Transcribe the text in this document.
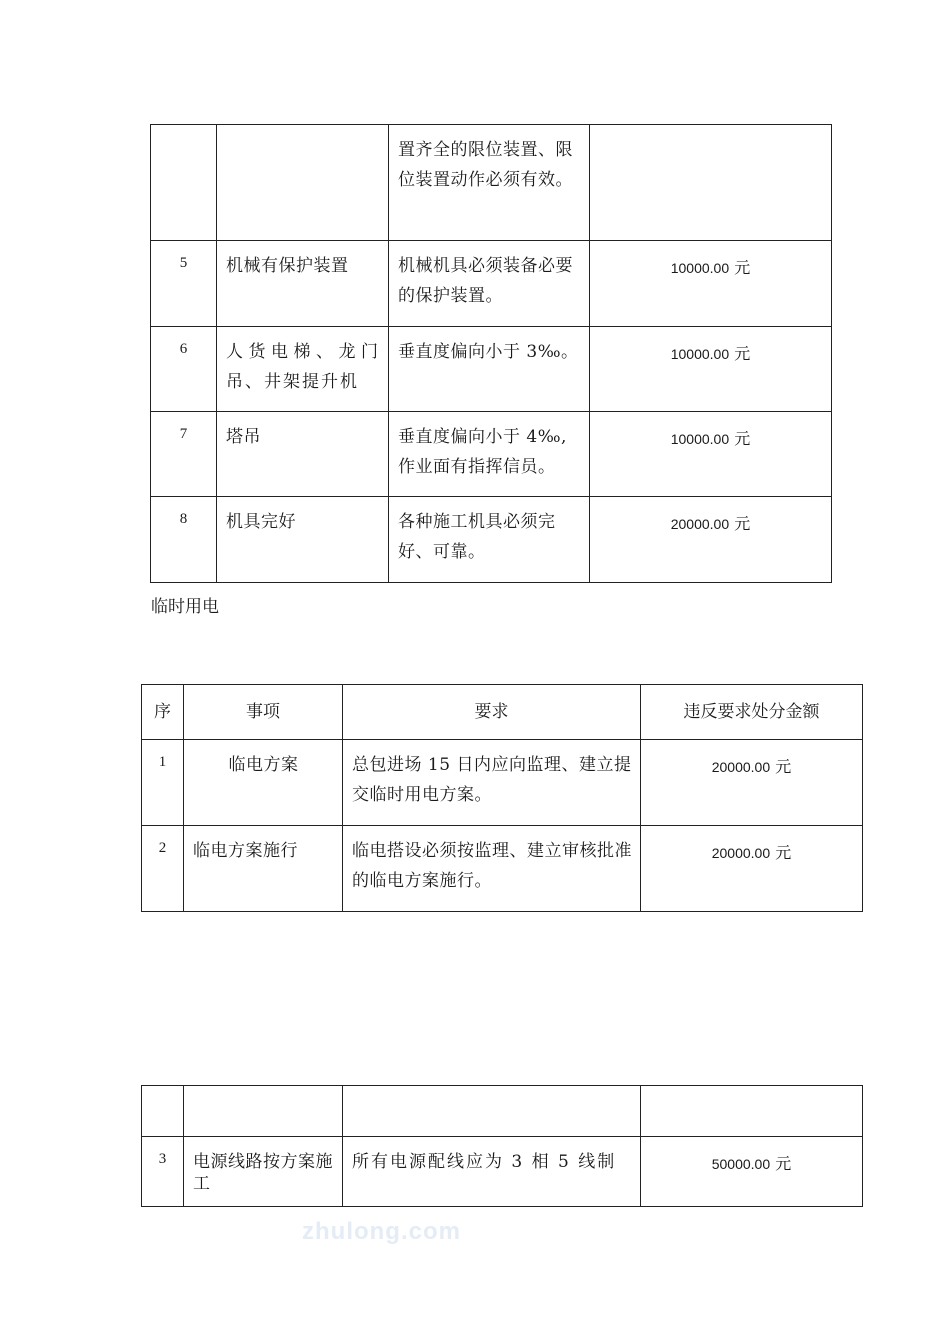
		置齐全的限位装置、限位装置动作必须有效。	
5	机械有保护装置	机械机具必须装备必要的保护装置。	10000.00 元
6	人货电梯、龙门吊、井架提升机	垂直度偏向小于 3‰。	10000.00 元
7	塔吊	垂直度偏向小于 4‰,作业面有指挥信员。	10000.00 元
8	机具完好	各种施工机具必须完好、可靠。	20000.00 元
临时用电
序	事项	要求	违反要求处分金额
1	临电方案	总包进场 15 日内应向监理、建立提交临时用电方案。	20000.00 元
2	临电方案施行	临电搭设必须按监理、建立审核批准的临电方案施行。	20000.00 元

3	电源线路按方案施工	所有电源配线应为 3 相 5 线制	50000.00 元
zhulong.com
